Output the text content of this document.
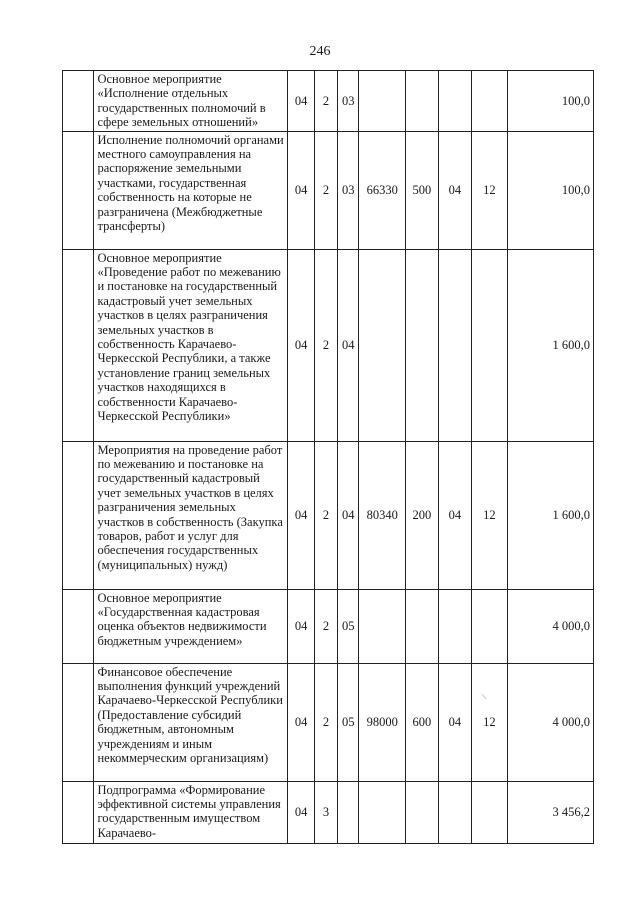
246
	Основное мероприятие «Исполнение отдельных государственных полномочий в сфере земельных отношений»	04	2	03					100,0
	Исполнение полномочий органами местного самоуправления на распоряжение земельными участками, государственная собственность на которые не разграничена (Межбюджетные трансферты)	04	2	03	66330	500	04	12	100,0
	Основное мероприятие «Проведение работ по межеванию и постановке на государственный кадастровый учет земельных участков в целях разграничения земельных участков в собственность Карачаево-Черкесской Республики, а также установление границ земельных участков находящихся в собственности Карачаево-Черкесской Республики»	04	2	04					1 600,0
	Мероприятия на проведение работ по межеванию и постановке на государственный кадастровый учет земельных участков в целях разграничения земельных участков в собственность (Закупка товаров, работ и услуг для обеспечения государственных (муниципальных) нужд)	04	2	04	80340	200	04	12	1 600,0
	Основное мероприятие «Государственная кадастровая оценка объектов недвижимости бюджетным учреждением»	04	2	05					4 000,0
	Финансовое обеспечение выполнения функций учреждений Карачаево-Черкесской Республики (Предоставление субсидий бюджетным, автономным учреждениям и иным некоммерческим организациям)	04	2	05	98000	600	04	12	4 000,0
	Подпрограмма «Формирование эффективной системы управления государственным имуществом Карачаево-	04	3						3 456,2
